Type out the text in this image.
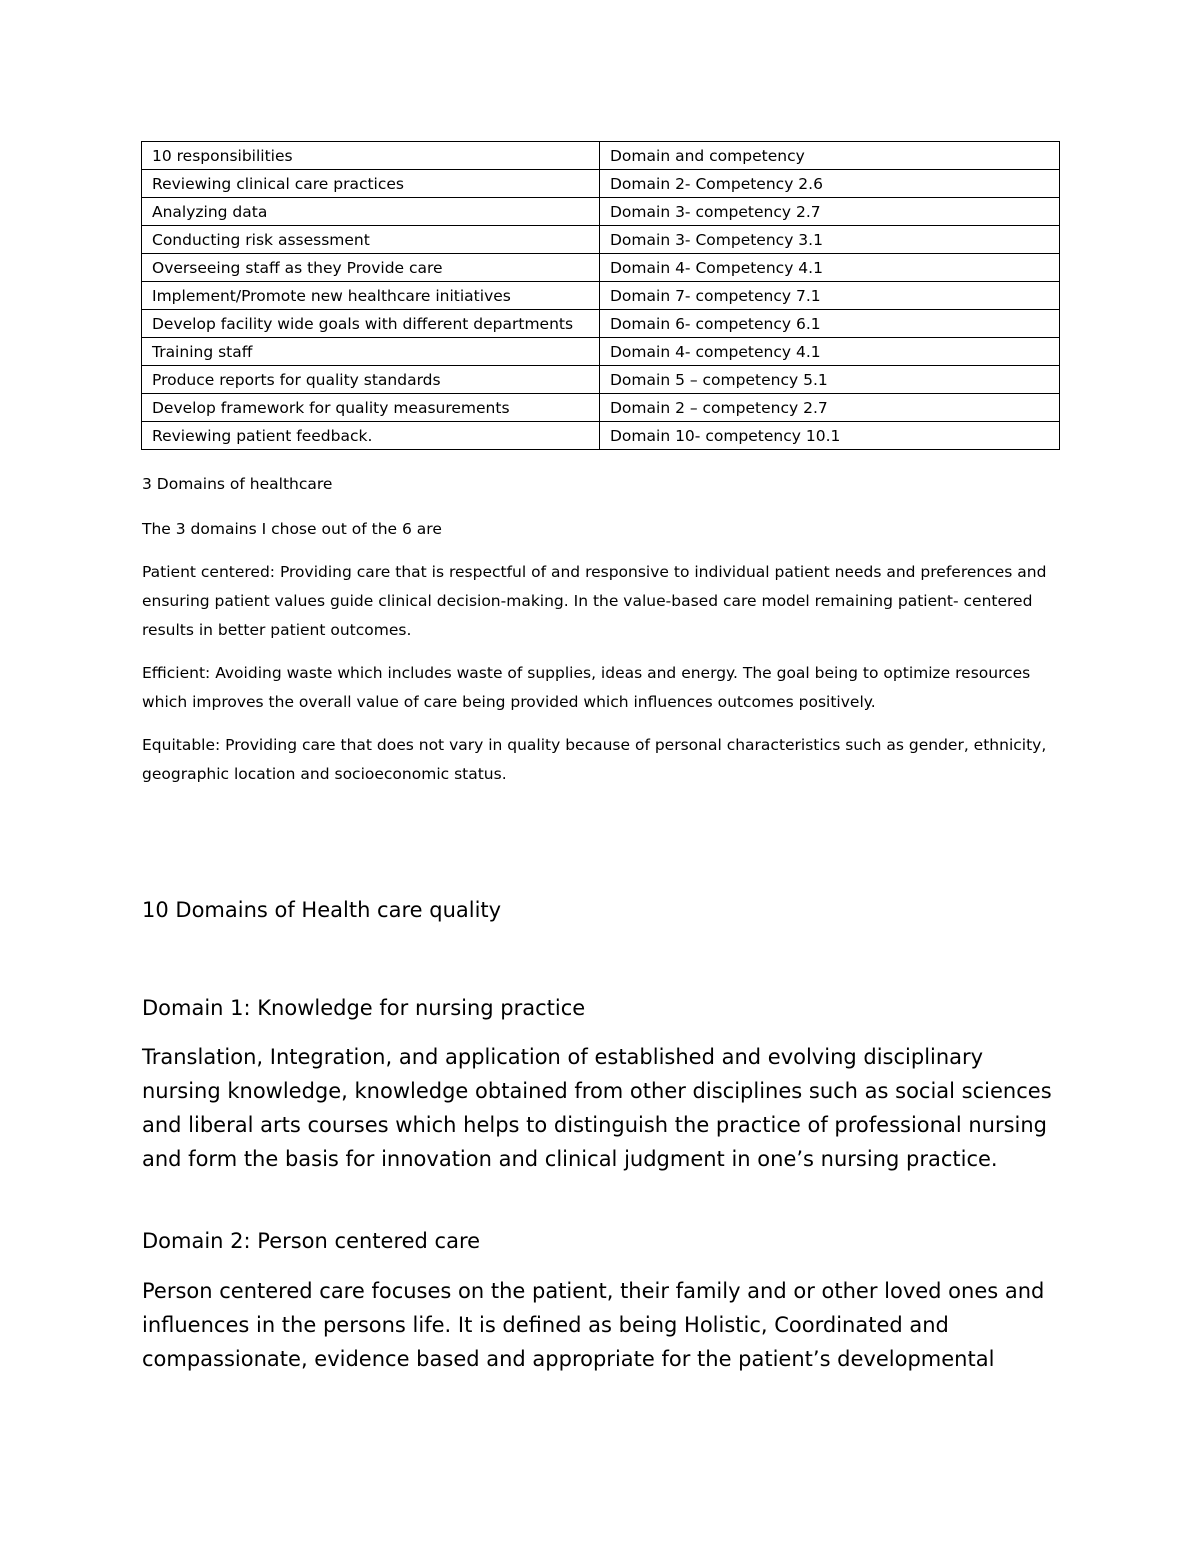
10 responsibilities	Domain and competency
Reviewing clinical care practices	Domain 2- Competency 2.6
Analyzing data	Domain 3- competency 2.7
Conducting risk assessment	Domain 3- Competency 3.1
Overseeing staff as they Provide care	Domain 4- Competency 4.1
Implement/Promote new healthcare initiatives	Domain 7- competency 7.1
Develop facility wide goals with different departments	Domain 6- competency 6.1
Training staff	Domain 4- competency 4.1
Produce reports for quality standards	Domain 5 – competency 5.1
Develop framework for quality measurements	Domain 2 – competency 2.7
Reviewing patient feedback.	Domain 10- competency 10.1

3 Domains of healthcare

The 3 domains I chose out of the 6 are

Patient centered: Providing care that is respectful of and responsive to individual patient needs and preferences and ensuring patient values guide clinical decision-making. In the value-based care model remaining patient- centered results in better patient outcomes.

Efficient: Avoiding waste which includes waste of supplies, ideas and energy. The goal being to optimize resources which improves the overall value of care being provided which influences outcomes positively.

Equitable: Providing care that does not vary in quality because of personal characteristics such as gender, ethnicity, geographic location and socioeconomic status.

10 Domains of Health care quality

Domain 1: Knowledge for nursing practice

Translation, Integration, and application of established and evolving disciplinary nursing knowledge, knowledge obtained from other disciplines such as social sciences and liberal arts courses which helps to distinguish the practice of professional nursing and form the basis for innovation and clinical judgment in one’s nursing practice.

Domain 2: Person centered care

Person centered care focuses on the patient, their family and or other loved ones and influences in the persons life. It is defined as being Holistic, Coordinated and compassionate, evidence based and appropriate for the patient’s developmental
